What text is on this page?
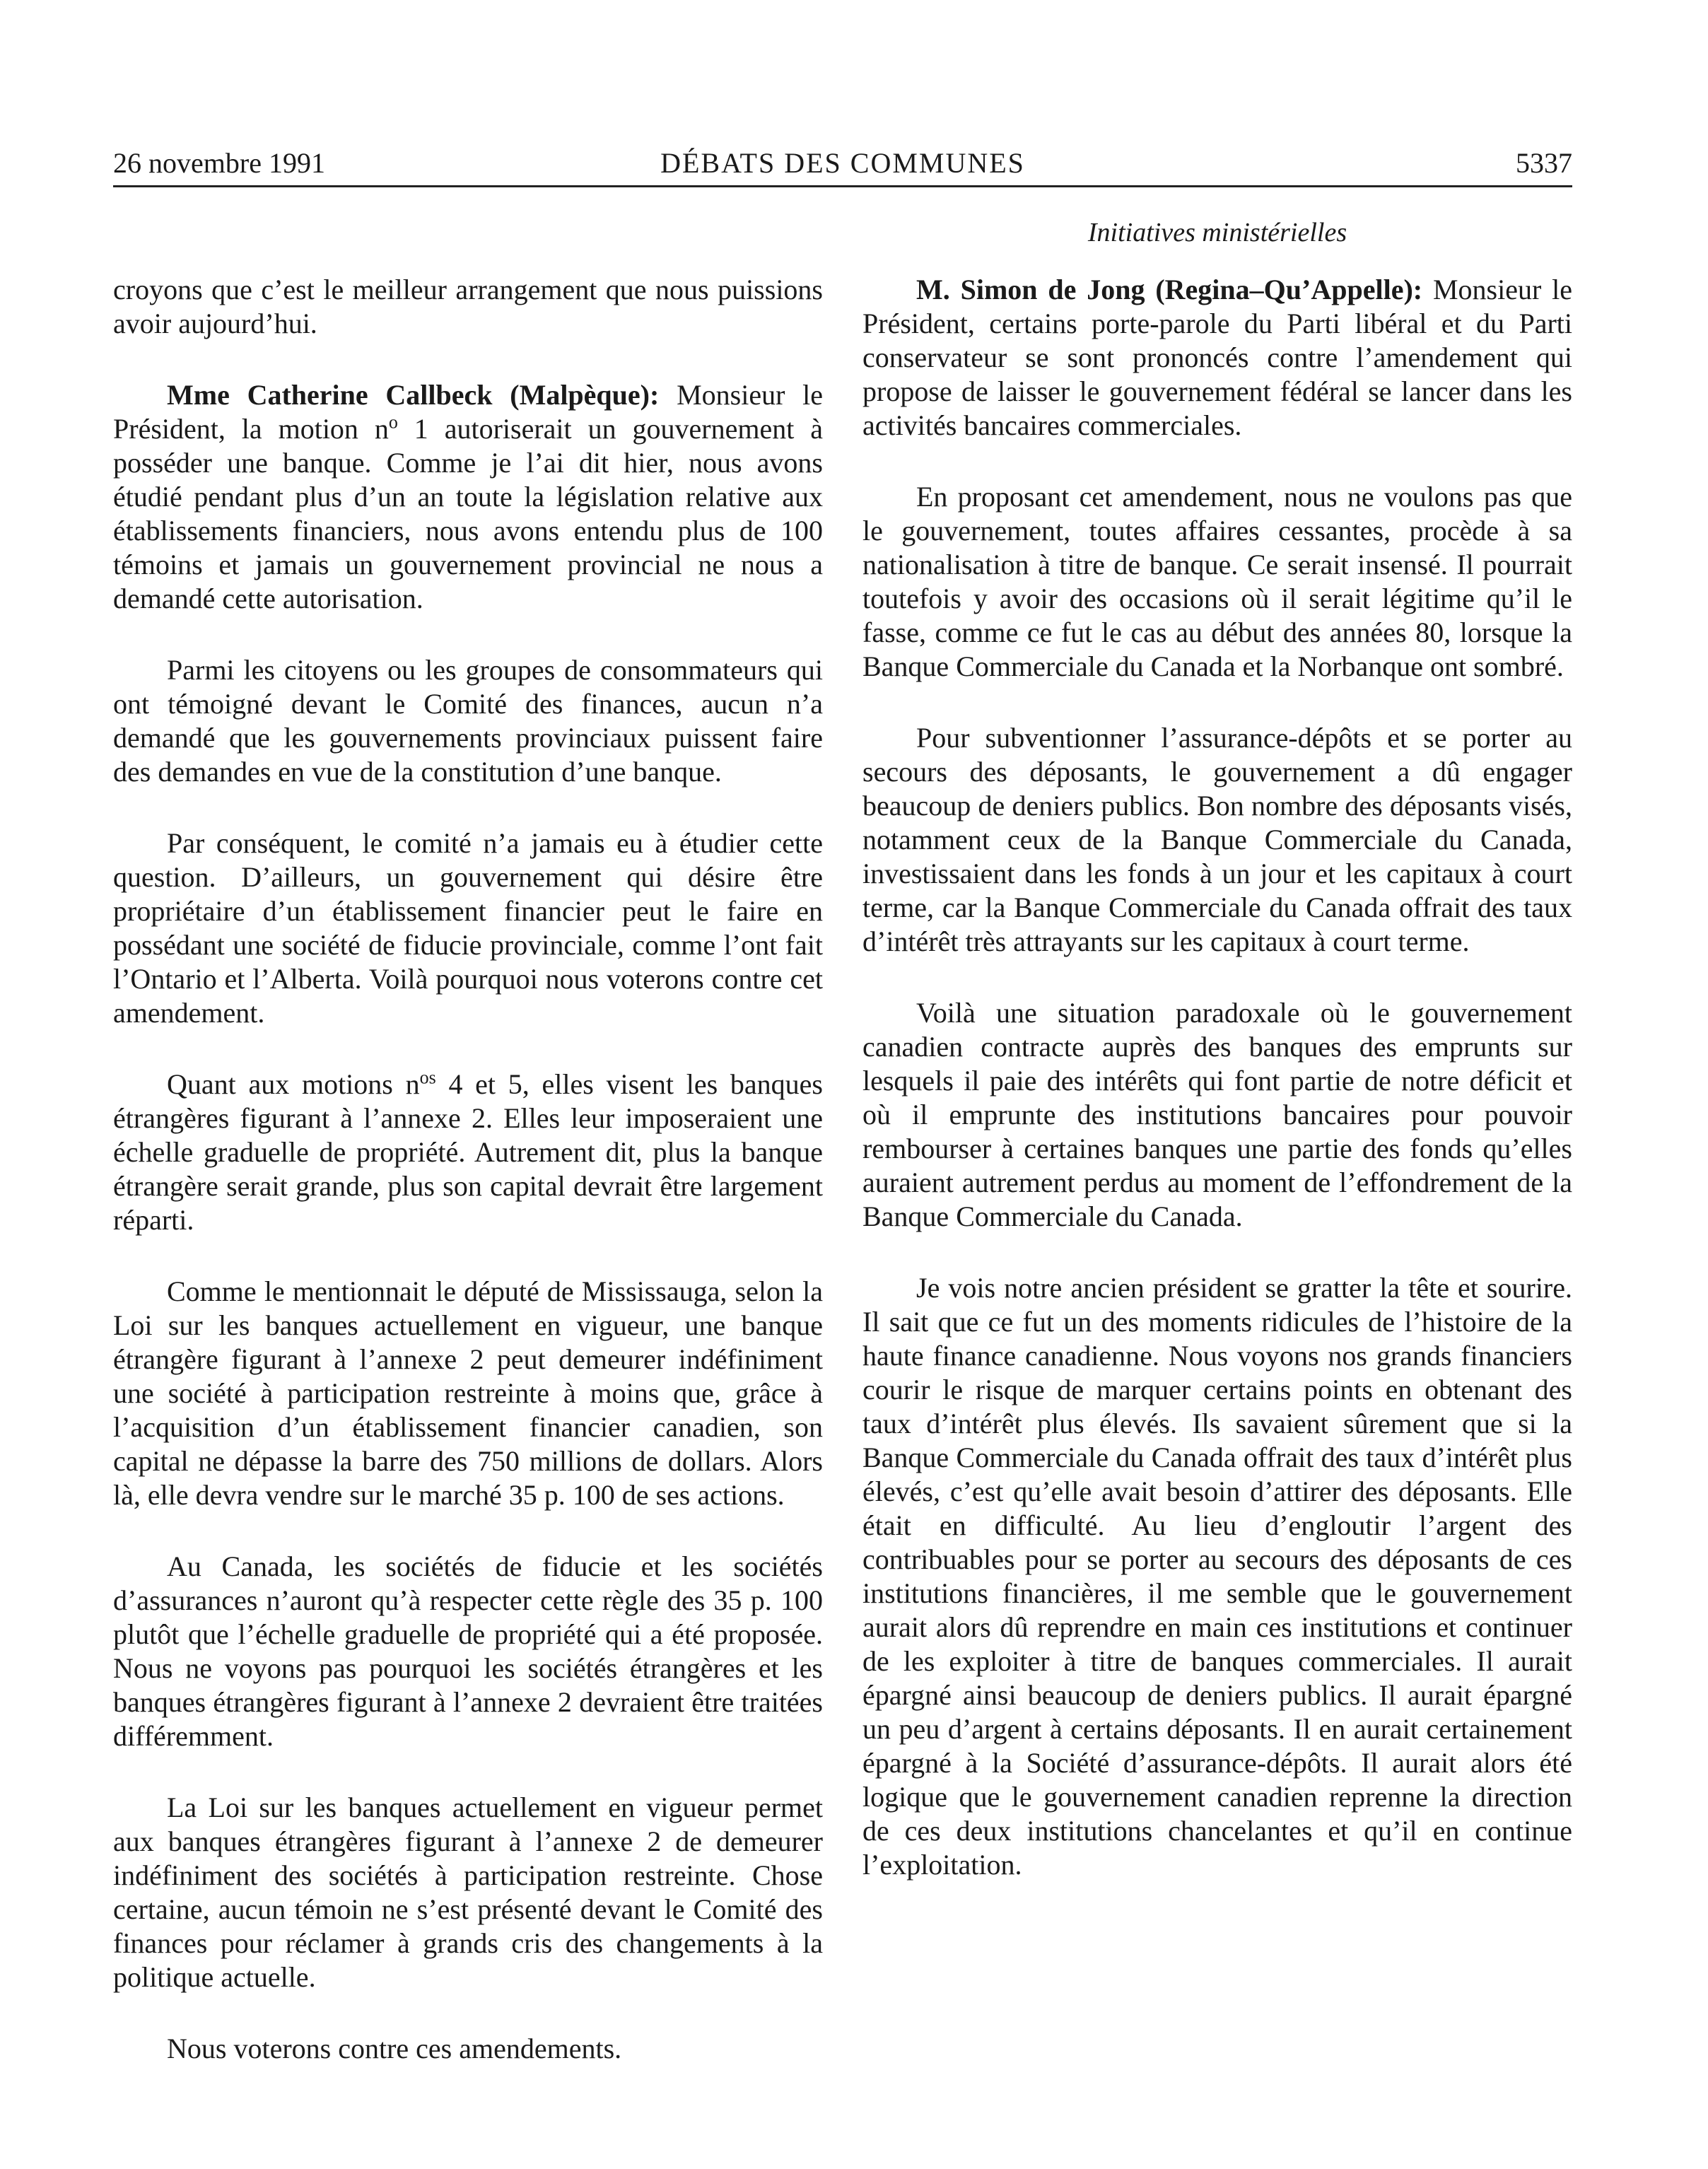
26 novembre 1991	DÉBATS DES COMMUNES	5337
Initiatives ministérielles

croyons que c’est le meilleur arrangement que nous puissions avoir aujourd’hui.

Mme Catherine Callbeck (Malpèque): Monsieur le Président, la motion $n^o$ 1 autoriserait un gouvernement à posséder une banque. Comme je l’ai dit hier, nous avons étudié pendant plus d’un an toute la législation relative aux établissements financiers, nous avons entendu plus de 100 témoins et jamais un gouvernement provincial ne nous a demandé cette autorisation.

Parmi les citoyens ou les groupes de consommateurs qui ont témoigné devant le Comité des finances, aucun n’a demandé que les gouvernements provinciaux puissent faire des demandes en vue de la constitution d’une banque.

Par conséquent, le comité n’a jamais eu à étudier cette question. D’ailleurs, un gouvernement qui désire être propriétaire d’un établissement financier peut le faire en possédant une société de fiducie provinciale, comme l’ont fait l’Ontario et l’Alberta. Voilà pourquoi nous voterons contre cet amendement.

Quant aux motions $n^{os}$ 4 et 5, elles visent les banques étrangères figurant à l’annexe 2. Elles leur imposeraient une échelle graduelle de propriété. Autrement dit, plus la banque étrangère serait grande, plus son capital devrait être largement réparti.

Comme le mentionnait le député de Mississauga, selon la Loi sur les banques actuellement en vigueur, une banque étrangère figurant à l’annexe 2 peut demeurer indéfiniment une société à participation restreinte à moins que, grâce à l’acquisition d’un établissement financier canadien, son capital ne dépasse la barre des 750 millions de dollars. Alors là, elle devra vendre sur le marché 35 p. 100 de ses actions.

Au Canada, les sociétés de fiducie et les sociétés d’assurances n’auront qu’à respecter cette règle des 35 p. 100 plutôt que l’échelle graduelle de propriété qui a été proposée. Nous ne voyons pas pourquoi les sociétés étrangères et les banques étrangères figurant à l’annexe 2 devraient être traitées différemment.

La Loi sur les banques actuellement en vigueur permet aux banques étrangères figurant à l’annexe 2 de demeurer indéfiniment des sociétés à participation restreinte. Chose certaine, aucun témoin ne s’est présenté devant le Comité des finances pour réclamer à grands cris des changements à la politique actuelle.

Nous voterons contre ces amendements.

M. Simon de Jong (Regina–Qu’Appelle): Monsieur le Président, certains porte-parole du Parti libéral et du Parti conservateur se sont prononcés contre l’amendement qui propose de laisser le gouvernement fédéral se lancer dans les activités bancaires commerciales.

En proposant cet amendement, nous ne voulons pas que le gouvernement, toutes affaires cessantes, procède à sa nationalisation à titre de banque. Ce serait insensé. Il pourrait toutefois y avoir des occasions où il serait légitime qu’il le fasse, comme ce fut le cas au début des années 80, lorsque la Banque Commerciale du Canada et la Norbanque ont sombré.

Pour subventionner l’assurance-dépôts et se porter au secours des déposants, le gouvernement a dû engager beaucoup de deniers publics. Bon nombre des déposants visés, notamment ceux de la Banque Commerciale du Canada, investissaient dans les fonds à un jour et les capitaux à court terme, car la Banque Commerciale du Canada offrait des taux d’intérêt très attrayants sur les capitaux à court terme.

Voilà une situation paradoxale où le gouvernement canadien contracte auprès des banques des emprunts sur lesquels il paie des intérêts qui font partie de notre déficit et où il emprunte des institutions bancaires pour pouvoir rembourser à certaines banques une partie des fonds qu’elles auraient autrement perdus au moment de l’effondrement de la Banque Commerciale du Canada.

Je vois notre ancien président se gratter la tête et sourire. Il sait que ce fut un des moments ridicules de l’histoire de la haute finance canadienne. Nous voyons nos grands financiers courir le risque de marquer certains points en obtenant des taux d’intérêt plus élevés. Ils savaient sûrement que si la Banque Commerciale du Canada offrait des taux d’intérêt plus élevés, c’est qu’elle avait besoin d’attirer des déposants. Elle était en difficulté. Au lieu d’engloutir l’argent des contribuables pour se porter au secours des déposants de ces institutions financières, il me semble que le gouvernement aurait alors dû reprendre en main ces institutions et continuer de les exploiter à titre de banques commerciales. Il aurait épargné ainsi beaucoup de deniers publics. Il aurait épargné un peu d’argent à certains déposants. Il en aurait certainement épargné à la Société d’assurance-dépôts. Il aurait alors été logique que le gouvernement canadien reprenne la direction de ces deux institutions chancelantes et qu’il en continue l’exploitation.
